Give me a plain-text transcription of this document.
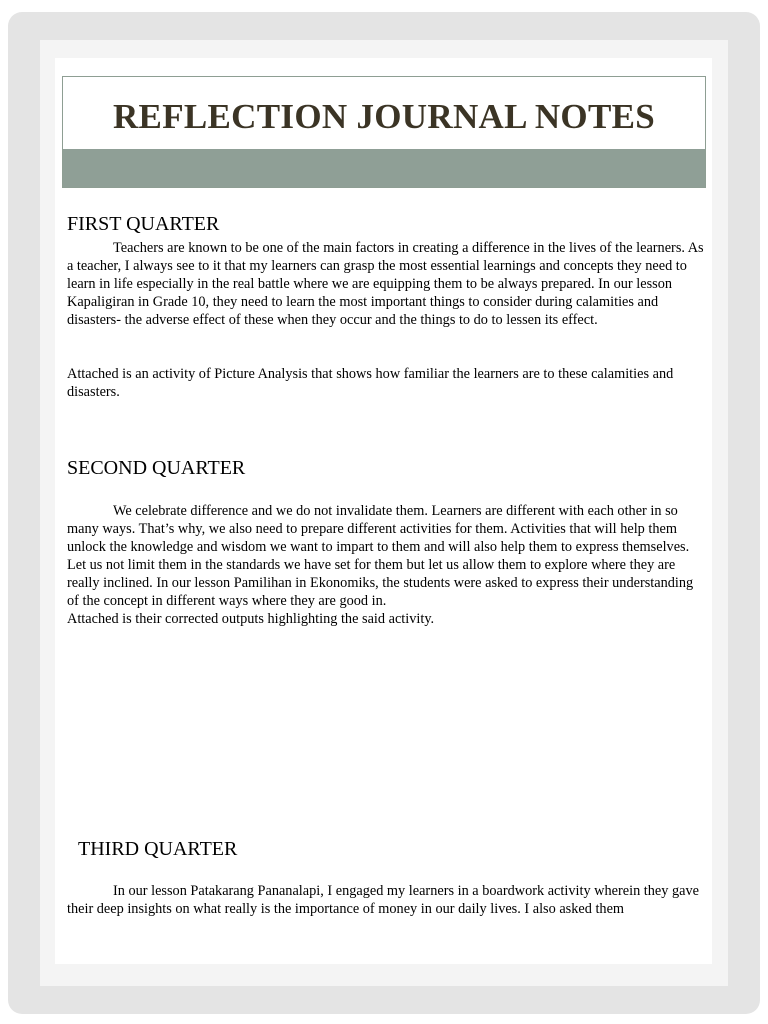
REFLECTION JOURNAL NOTES
FIRST QUARTER

Teachers are known to be one of the main factors in creating a difference in the lives of the learners. As a teacher, I always see to it that my learners can grasp the most essential learnings and concepts they need to learn in life especially in the real battle where we are equipping them to be always prepared. In our lesson Kapaligiran in Grade 10, they need to learn the most important things to consider during calamities and disasters- the adverse effect of these when they occur and the things to do to lessen its effect.

Attached is an activity of Picture Analysis that shows how familiar the learners are to these calamities and disasters.

SECOND QUARTER

We celebrate difference and we do not invalidate them. Learners are different with each other in so many ways. That’s why, we also need to prepare different activities for them. Activities that will help them unlock the knowledge and wisdom we want to impart to them and will also help them to express themselves. Let us not limit them in the standards we have set for them but let us allow them to explore where they are really inclined. In our lesson Pamilihan in Ekonomiks, the students were asked to express their understanding of the concept in different ways where they are good in.

Attached is their corrected outputs highlighting the said activity.

THIRD QUARTER

In our lesson Patakarang Pananalapi, I engaged my learners in a boardwork activity wherein they gave their deep insights on what really is the importance of money in our daily lives. I also asked them
